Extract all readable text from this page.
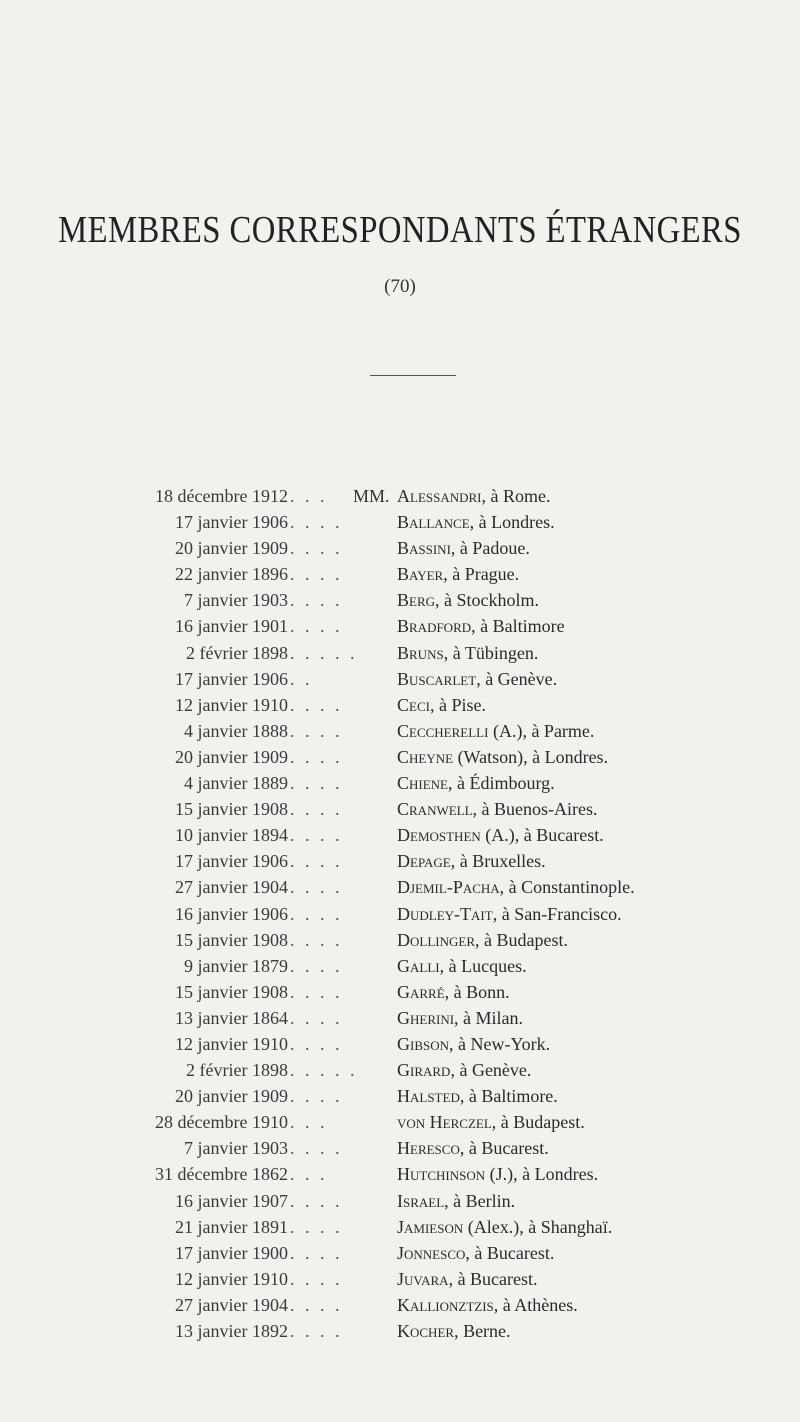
MEMBRES CORRESPONDANTS ÉTRANGERS
(70)
18 décembre 1912 . . . MM. Alessandri, à Rome.
17 janvier 1906 . . . .	Ballance, à Londres.
20 janvier 1909 . . . .	Bassini, à Padoue.
22 janvier 1896 . . . .	Bayer, à Prague.
7 janvier 1903 . . . .	Berg, à Stockholm.
16 janvier 1901 . . . .	Bradford, à Baltimore
2 février 1898 . . . . . Bruns, à Tübingen.
17 janvier 1906 . .	Buscarlet, à Genève.
12 janvier 1910 . . . .	Ceci, à Pise.
4 janvier 1888 . . . .	Ceccherelli (A.), à Parme.
20 janvier 1909 . . . .	Cheyne (Watson), à Londres.
4 janvier 1889 . . . .	Chiene, à Édimbourg.
15 janvier 1908 . . . .	Cranwell, à Buenos-Aires.
10 janvier 1894 . . . .	Demosthen (A.), à Bucarest.
17 janvier 1906 . . . .	Depage, à Bruxelles.
27 janvier 1904 . . . .	Djemil-Pacha, à Constantinople.
16 janvier 1906 . . . .	Dudley-Tait, à San-Francisco.
15 janvier 1908 . . . .	Dollinger, à Budapest.
9 janvier 1879 . . . .	Galli, à Lucques.
15 janvier 1908 . . . .	Garré, à Bonn.
13 janvier 1864 . . . .	Gherini, à Milan.
12 janvier 1910 . . . .	Gibson, à New-York.
2 février 1898 . . . . . Girard, à Genève.
20 janvier 1909 . . . .	Halsted, à Baltimore.
28 décembre 1910 . . .	von Herczel, à Budapest.
7 janvier 1903 . . . .	Heresco, à Bucarest.
31 décembre 1862 . . .	Hutchinson (J.), à Londres.
16 janvier 1907 . . . .	Israel, à Berlin.
21 janvier 1891 . . . .	Jamieson (Alex.), à Shanghaï.
17 janvier 1900 . . . .	Jonnesco, à Bucarest.
12 janvier 1910 . . . .	Juvara, à Bucarest.
27 janvier 1904 . . . .	Kallionztzis, à Athènes.
13 janvier 1892 . . . .	Kocher, Berne.
